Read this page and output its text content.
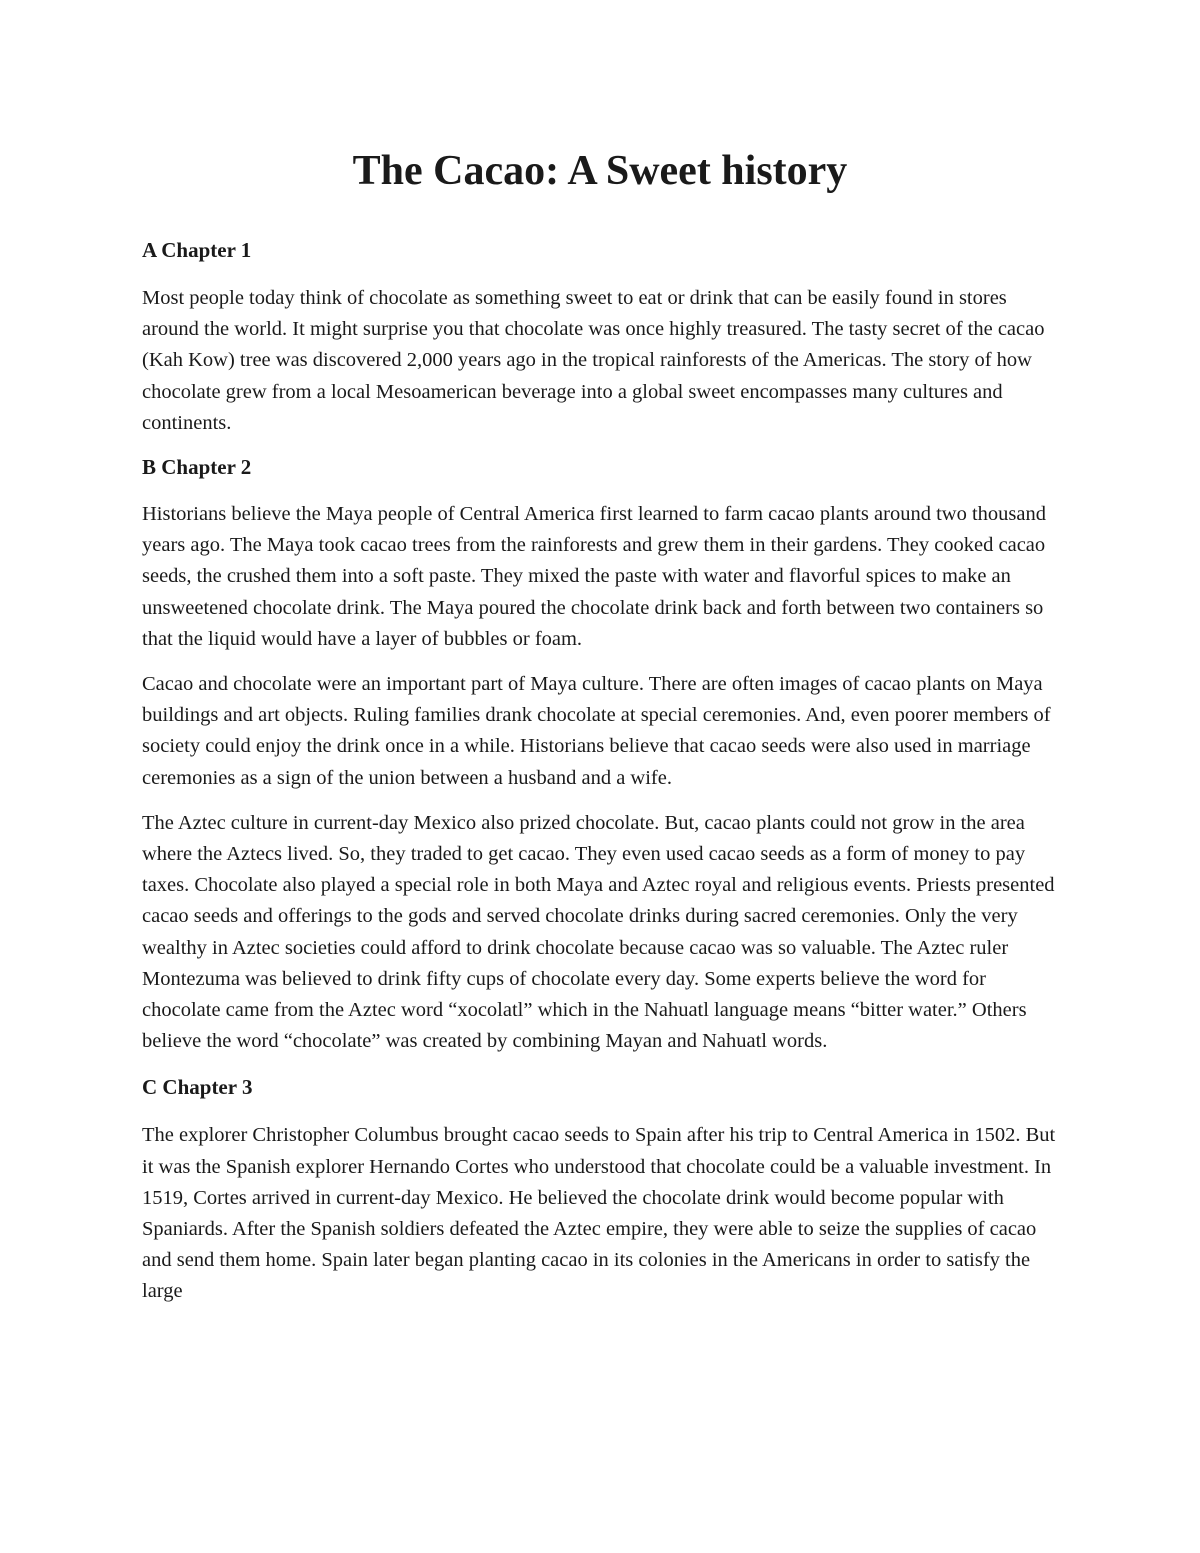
The Cacao: A Sweet history
A Chapter 1

Most people today think of chocolate as something sweet to eat or drink that can be easily found in stores around the world. It might surprise you that chocolate was once highly treasured. The tasty secret of the cacao (Kah Kow) tree was discovered 2,000 years ago in the tropical rainforests of the Americas. The story of how chocolate grew from a local Mesoamerican beverage into a global sweet encompasses many cultures and continents.

B Chapter 2

Historians believe the Maya people of Central America first learned to farm cacao plants around two thousand years ago. The Maya took cacao trees from the rainforests and grew them in their gardens. They cooked cacao seeds, the crushed them into a soft paste. They mixed the paste with water and flavorful spices to make an unsweetened chocolate drink. The Maya poured the chocolate drink back and forth between two containers so that the liquid would have a layer of bubbles or foam.

Cacao and chocolate were an important part of Maya culture. There are often images of cacao plants on Maya buildings and art objects. Ruling families drank chocolate at special ceremonies. And, even poorer members of society could enjoy the drink once in a while. Historians believe that cacao seeds were also used in marriage ceremonies as a sign of the union between a husband and a wife.

The Aztec culture in current-day Mexico also prized chocolate. But, cacao plants could not grow in the area where the Aztecs lived. So, they traded to get cacao. They even used cacao seeds as a form of money to pay taxes. Chocolate also played a special role in both Maya and Aztec royal and religious events. Priests presented cacao seeds and offerings to the gods and served chocolate drinks during sacred ceremonies. Only the very wealthy in Aztec societies could afford to drink chocolate because cacao was so valuable. The Aztec ruler Montezuma was believed to drink fifty cups of chocolate every day. Some experts believe the word for chocolate came from the Aztec word “xocolatl” which in the Nahuatl language means “bitter water.” Others believe the word “chocolate” was created by combining Mayan and Nahuatl words.

C Chapter 3

The explorer Christopher Columbus brought cacao seeds to Spain after his trip to Central America in 1502. But it was the Spanish explorer Hernando Cortes who understood that chocolate could be a valuable investment. In 1519, Cortes arrived in current-day Mexico. He believed the chocolate drink would become popular with Spaniards. After the Spanish soldiers defeated the Aztec empire, they were able to seize the supplies of cacao and send them home. Spain later began planting cacao in its colonies in the Americans in order to satisfy the large
